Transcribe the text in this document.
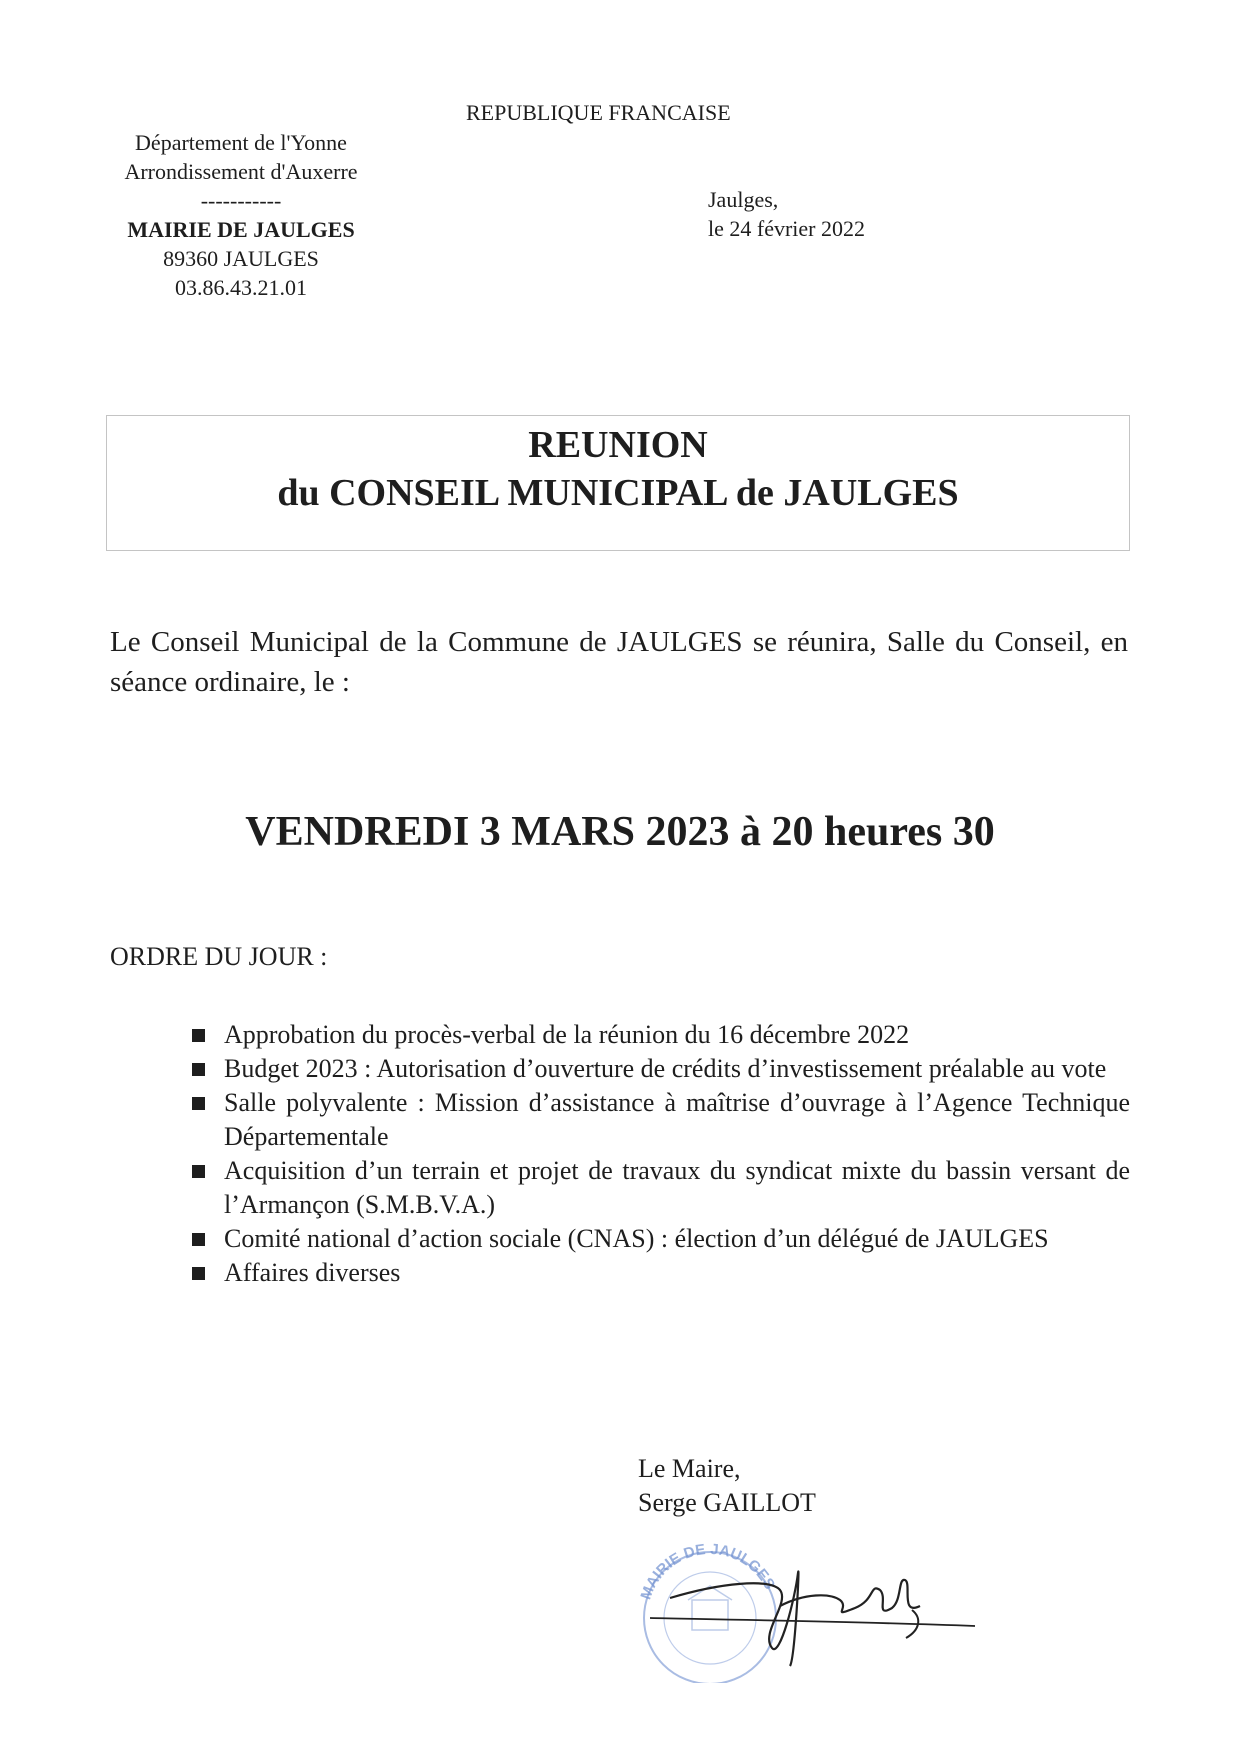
REPUBLIQUE FRANCAISE
Département de l'Yonne
Arrondissement d'Auxerre
-----------
MAIRIE DE JAULGES
89360 JAULGES
03.86.43.21.01
Jaulges,
le 24 février 2022
REUNION
du CONSEIL MUNICIPAL de JAULGES
Le Conseil Municipal de la Commune de JAULGES se réunira, Salle du Conseil, en séance ordinaire, le :
VENDREDI 3 MARS 2023 à 20 heures 30
ORDRE DU JOUR :
Approbation du procès-verbal de la réunion du 16 décembre 2022
Budget 2023 : Autorisation d’ouverture de crédits d’investissement préalable au vote
Salle polyvalente : Mission d’assistance à maîtrise d’ouvrage à l’Agence Technique Départementale
Acquisition d’un terrain et projet de travaux du syndicat mixte du bassin versant de l’Armançon (S.M.B.V.A.)
Comité national d’action sociale (CNAS) : élection d’un délégué de JAULGES
Affaires diverses
Le Maire,
Serge GAILLOT
MAIRIE DE JAULGES
